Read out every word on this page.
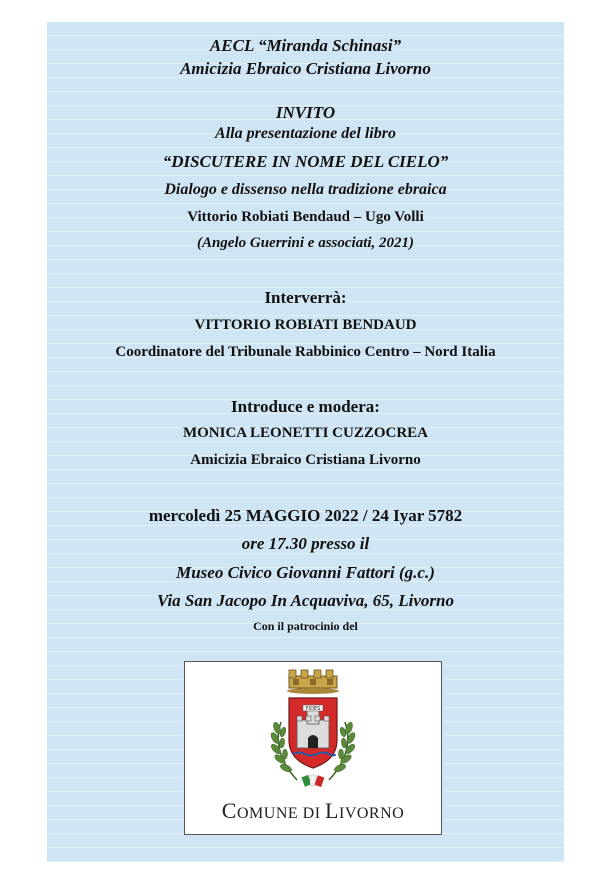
AECL “Miranda Schinasi”
Amicizia Ebraico Cristiana Livorno
INVITO
Alla presentazione del libro
“DISCUTERE IN NOME DEL CIELO”
Dialogo e dissenso nella tradizione ebraica
Vittorio Robiati Bendaud – Ugo Volli
(Angelo Guerrini e associati, 2021)
Interverrà:
VITTORIO ROBIATI BENDAUD
Coordinatore del Tribunale Rabbinico Centro – Nord Italia
Introduce e modera:
MONICA LEONETTI CUZZOCREA
Amicizia Ebraico Cristiana Livorno
mercoledì 25 MAGGIO 2022 / 24 Iyar 5782
ore 17.30 presso il
Museo Civico Giovanni Fattori (g.c.)
Via San Jacopo In Acquaviva, 65, Livorno
Con il patrocinio del
FIDES
COMUNE DI LIVORNO
